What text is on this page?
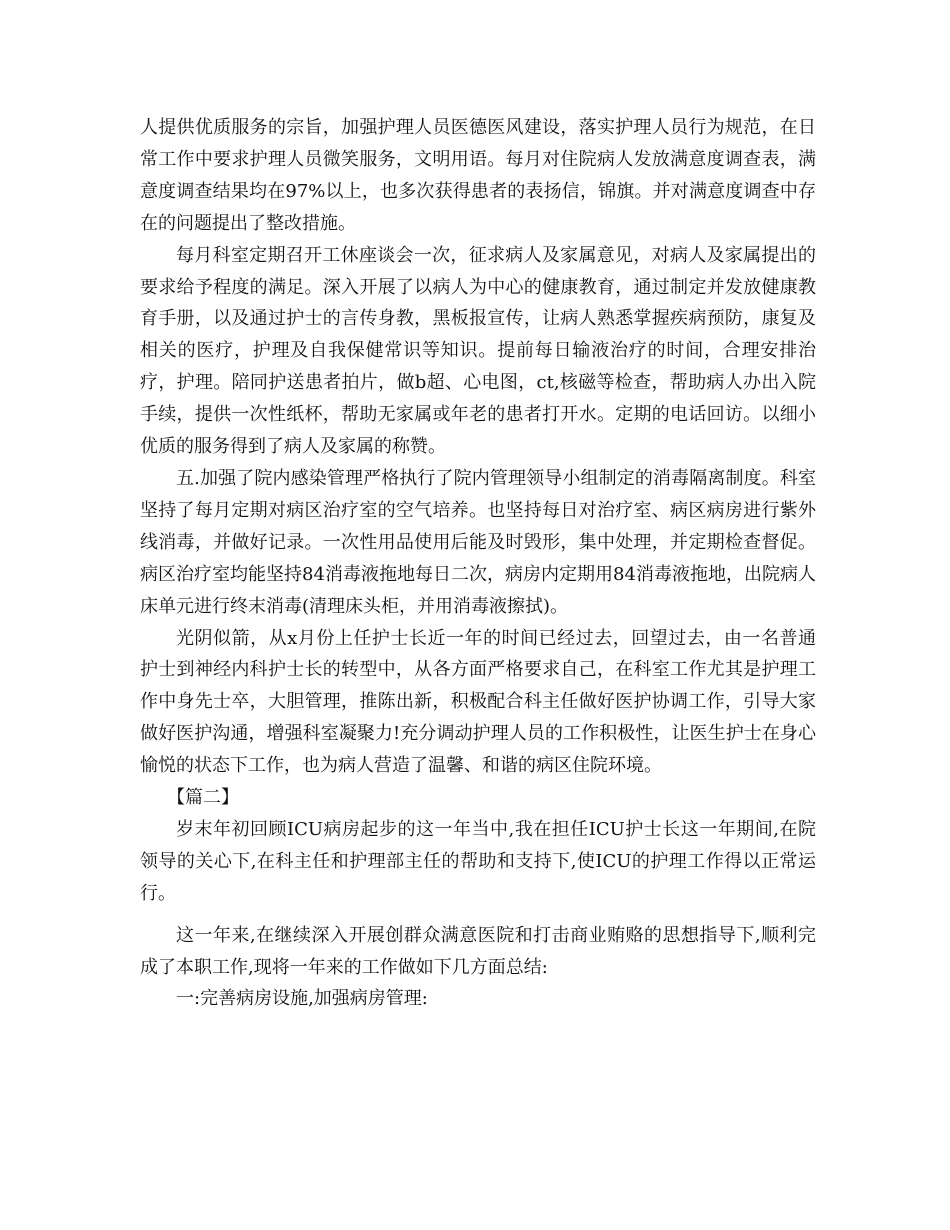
人提供优质服务的宗旨，加强护理人员医德医风建设，落实护理人员行为规范，在日常工作中要求护理人员微笑服务，文明用语。每月对住院病人发放满意度调查表，满意度调查结果均在97%以上，也多次获得患者的表扬信，锦旗。并对满意度调查中存在的问题提出了整改措施。

每月科室定期召开工休座谈会一次，征求病人及家属意见，对病人及家属提出的要求给予程度的满足。深入开展了以病人为中心的健康教育，通过制定并发放健康教育手册，以及通过护士的言传身教，黑板报宣传，让病人熟悉掌握疾病预防，康复及相关的医疗，护理及自我保健常识等知识。提前每日输液治疗的时间，合理安排治疗，护理。陪同护送患者拍片，做b超、心电图，ct,核磁等检查，帮助病人办出入院手续，提供一次性纸杯，帮助无家属或年老的患者打开水。定期的电话回访。以细小优质的服务得到了病人及家属的称赞。

五.加强了院内感染管理严格执行了院内管理领导小组制定的消毒隔离制度。科室坚持了每月定期对病区治疗室的空气培养。也坚持每日对治疗室、病区病房进行紫外线消毒，并做好记录。一次性用品使用后能及时毁形，集中处理，并定期检查督促。病区治疗室均能坚持84消毒液拖地每日二次，病房内定期用84消毒液拖地，出院病人床单元进行终末消毒(清理床头柜，并用消毒液擦拭)。

光阴似箭，从x月份上任护士长近一年的时间已经过去，回望过去，由一名普通护士到神经内科护士长的转型中，从各方面严格要求自己，在科室工作尤其是护理工作中身先士卒，大胆管理，推陈出新，积极配合科主任做好医护协调工作，引导大家做好医护沟通，增强科室凝聚力!充分调动护理人员的工作积极性，让医生护士在身心愉悦的状态下工作，也为病人营造了温馨、和谐的病区住院环境。

【篇二】

岁末年初回顾ICU病房起步的这一年当中,我在担任ICU护士长这一年期间,在院领导的关心下,在科主任和护理部主任的帮助和支持下,使ICU的护理工作得以正常运行。

这一年来,在继续深入开展创群众满意医院和打击商业贿赂的思想指导下,顺利完成了本职工作,现将一年来的工作做如下几方面总结:

一:完善病房设施,加强病房管理:
